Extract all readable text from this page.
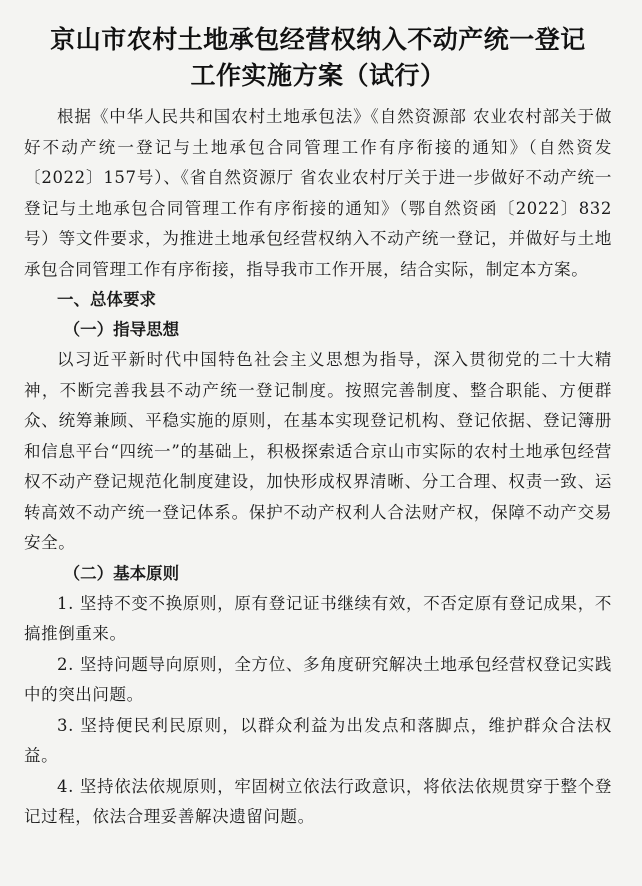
京山市农村土地承包经营权纳入不动产统一登记
工作实施方案（试行）

根据《中华人民共和国农村土地承包法》《自然资源部 农业农村部关于做好不动产统一登记与土地承包合同管理工作有序衔接的通知》（自然资发〔2022〕157号）、《省自然资源厅 省农业农村厅关于进一步做好不动产统一登记与土地承包合同管理工作有序衔接的通知》（鄂自然资函〔2022〕832号）等文件要求，为推进土地承包经营权纳入不动产统一登记，并做好与土地承包合同管理工作有序衔接，指导我市工作开展，结合实际，制定本方案。

一、总体要求

（一）指导思想

以习近平新时代中国特色社会主义思想为指导，深入贯彻党的二十大精神，不断完善我县不动产统一登记制度。按照完善制度、整合职能、方便群众、统筹兼顾、平稳实施的原则，在基本实现登记机构、登记依据、登记簿册和信息平台“四统一”的基础上，积极探索适合京山市实际的农村土地承包经营权不动产登记规范化制度建设，加快形成权界清晰、分工合理、权责一致、运转高效不动产统一登记体系。保护不动产权利人合法财产权，保障不动产交易安全。

（二）基本原则

1. 坚持不变不换原则，原有登记证书继续有效，不否定原有登记成果，不搞推倒重来。

2. 坚持问题导向原则，全方位、多角度研究解决土地承包经营权登记实践中的突出问题。

3. 坚持便民利民原则，以群众利益为出发点和落脚点，维护群众合法权益。

4. 坚持依法依规原则，牢固树立依法行政意识，将依法依规贯穿于整个登记过程，依法合理妥善解决遗留问题。
